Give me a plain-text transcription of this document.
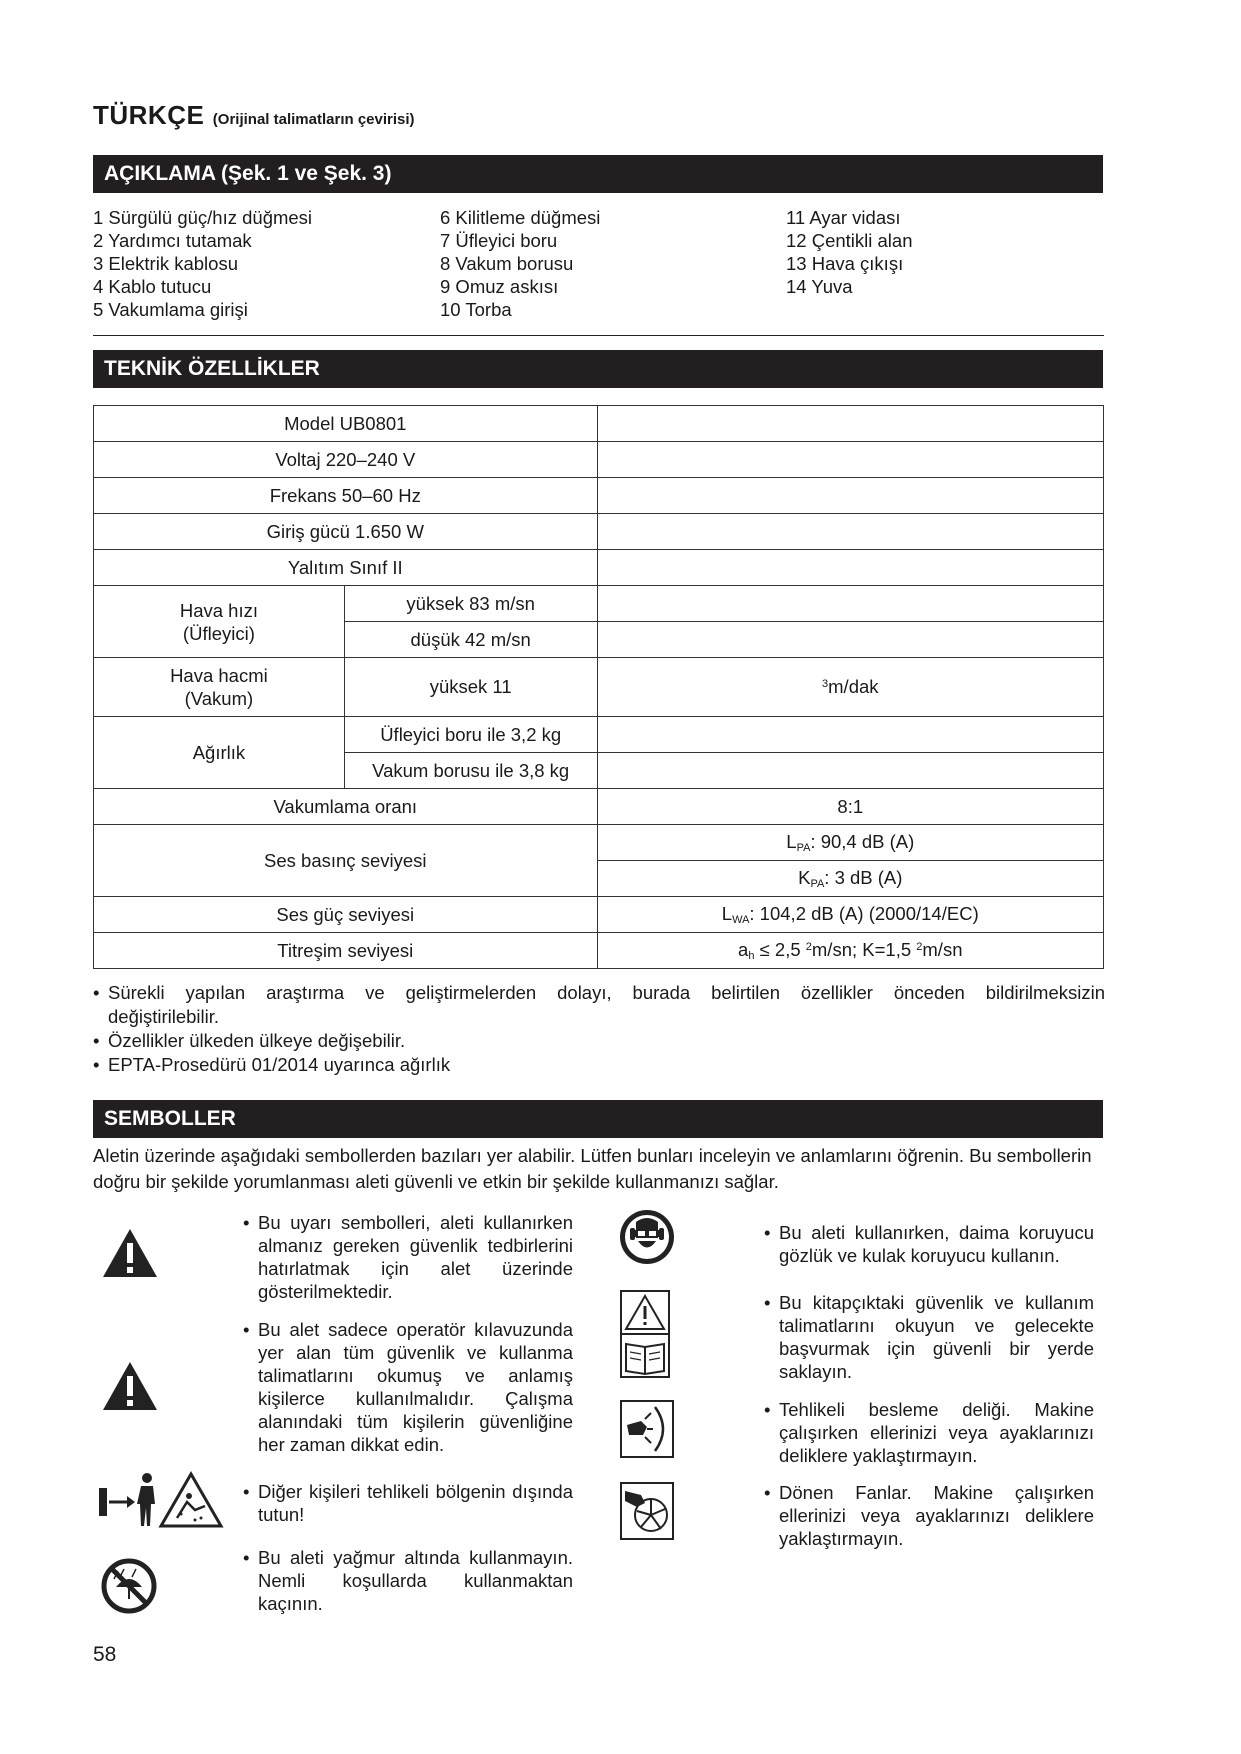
TÜRKÇE (Orijinal talimatların çevirisi)
AÇIKLAMA (Şek. 1 ve Şek. 3)
1 Sürgülü güç/hız düğmesi
2 Yardımcı tutamak
3 Elektrik kablosu
4 Kablo tutucu
5 Vakumlama girişi
6 Kilitleme düğmesi
7 Üfleyici boru
8 Vakum borusu
9 Omuz askısı
10 Torba
11 Ayar vidası
12 Çentikli alan
13 Hava çıkışı
14 Yuva
TEKNİK ÖZELLİKLER
Model UB0801		
Voltaj 220–240 V		
Frekans 50–60 Hz		
Giriş gücü 1.650 W		
Yalıtım Sınıf II		

Hava hızı (Üfleyici)	yüksek 83 m/sn	
	düşük 42 m/sn	

Hava hacmi (Vakum)	yüksek 11	$^3$m/dak
Ağırlık	Üfleyici boru ile 3,2 kg	
	Vakum borusu ile 3,8 kg	
Vakumlama oranı		8:1
Ses basınç seviyesi		$L_{PA}$: 90,4 dB (A)
		$K_{PA}$: 3 dB (A)
Ses güç seviyesi		$L_{WA}$: 104,2 dB (A) (2000/14/EC)
Titreşim seviyesi		$a_h \le 2,5$ $^2$m/sn; K=1,5 $^2$m/sn
• Sürekli yapılan araştırma ve geliştirmelerden dolayı, burada belirtilen özellikler önceden bildirilmeksizin
değiştirilebilir.
• Özellikler ülkeden ülkeye değişebilir.
• EPTA-Prosedürü 01/2014 uyarınca ağırlık
SEMBOLLER
Aletin üzerinde aşağıdaki sembollerden bazıları yer alabilir. Lütfen bunları inceleyin ve anlamlarını öğrenin. Bu sembollerin doğru bir şekilde yorumlanması aleti güvenli ve etkin bir şekilde kullanmanızı sağlar.
• Bu uyarı sembolleri, aleti kullanırken almanız gereken güvenlik tedbirlerini hatırlatmak için alet üzerinde gösterilmektedir.
• Bu alet sadece operatör kılavuzunda yer alan tüm güvenlik ve kullanma talimatlarını okumuş ve anlamış kişilerce kullanılmalıdır. Çalışma alanındaki tüm kişilerin güvenliğine her zaman dikkat edin.
• Diğer kişileri tehlikeli bölgenin dışında tutun!
• Bu aleti yağmur altında kullanmayın. Nemli koşullarda kullanmaktan kaçının.
• Bu aleti kullanırken, daima koruyucu gözlük ve kulak koruyucu kullanın.
• Bu kitapçıktaki güvenlik ve kullanım talimatlarını okuyun ve gelecekte başvurmak için güvenli bir yerde saklayın.
• Tehlikeli besleme deliği. Makine çalışırken ellerinizi veya ayaklarınızı deliklere yaklaştırmayın.
• Dönen Fanlar. Makine çalışırken ellerinizi veya ayaklarınızı deliklere yaklaştırmayın.
58
